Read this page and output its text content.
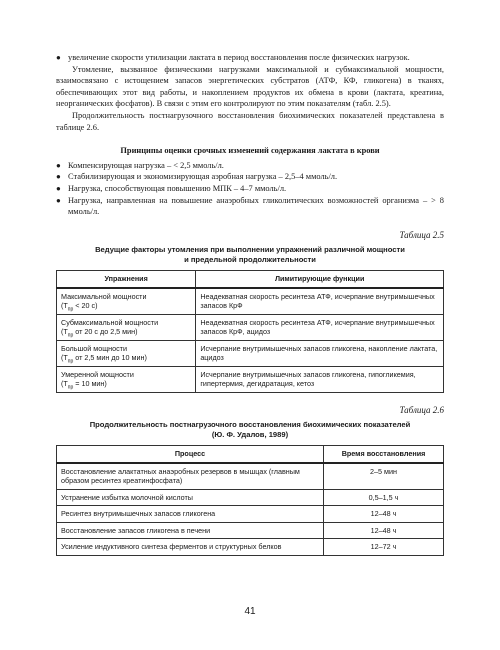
● увеличение скорости утилизации лактата в период восстановления после физических нагрузок.

Утомление, вызванное физическими нагрузками максимальной и субмаксимальной мощности, взаимосвязано с истощением запасов энергетических субстратов (АТФ, КФ, гликогена) в тканях, обеспечивающих этот вид работы, и накоплением продуктов их обмена в крови (лактата, креатина, неорганических фосфатов). В связи с этим его контролируют по этим показателям (табл. 2.5).

Продолжительность постнагрузочного восстановления биохимических показателей представлена в таблице 2.6.

Принципы оценки срочных изменений содержания лактата в крови
● Компенсирующая нагрузка – < 2,5 ммоль/л.
● Стабилизирующая и экономизирующая аэробная нагрузка – 2,5–4 ммоль/л.
● Нагрузка, способствующая повышению МПК – 4–7 ммоль/л.
● Нагрузка, направленная на повышение анаэробных гликолитических возможностей организма – > 8 ммоль/л.
Таблица 2.5
Ведущие факторы утомления при выполнении упражнений различной мощности
и предельной продолжительности
Упражнения	Лимитирующие функции
Максимальной мощности
($T_{пр} < 20$ с)	Неадекватная скорость ресинтеза АТФ, исчерпание внутримышечных запасов КрФ
Субмаксимальной мощности
($T_{пр}$ от 20 с до 2,5 мин)	Неадекватная скорость ресинтеза АТФ, исчерпание внутримышечных запасов КрФ, ацидоз
Большой мощности
($T_{пр}$ от 2,5 мин до 10 мин)	Исчерпание внутримышечных запасов гликогена, накопление лактата, ацидоз
Умеренной мощности
($T_{пр} = 10$ мин)	Исчерпание внутримышечных запасов гликогена, гипогликемия, гипертермия, дегидратация, кетоз
Таблица 2.6
Продолжительность постнагрузочного восстановления биохимических показателей
(Ю. Ф. Удалов, 1989)
Процесс	Время восстановления
Восстановление алактатных анаэробных резервов в мышцах (главным образом ресинтез креатинфосфата)	2–5 мин
Устранение избытка молочной кислоты	0,5–1,5 ч
Ресинтез внутримышечных запасов гликогена	12–48 ч
Восстановление запасов гликогена в печени	12–48 ч
Усиление индуктивного синтеза ферментов и структурных белков	12–72 ч
41
